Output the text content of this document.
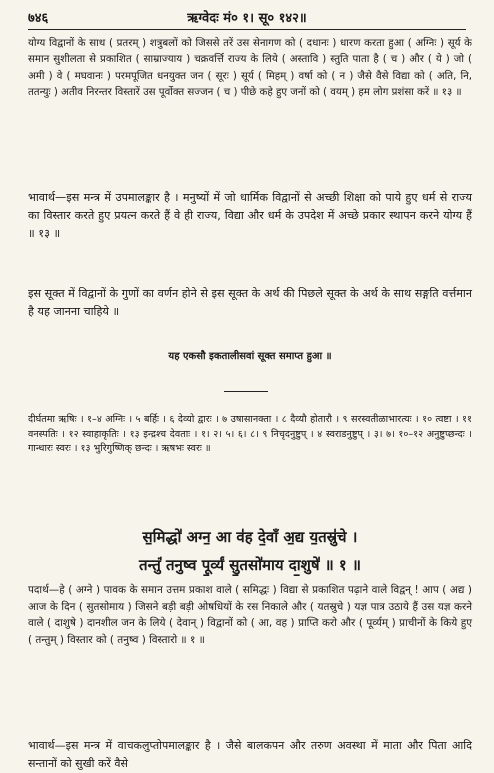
७४६	ऋग्वेदः मं० १। सू० १४२॥

योग्य विद्वानों के साथ ( प्रतरम् ) शत्रुबलों को जिससे तरें उस सेनागण को ( दधानः ) धारण करता हुआ ( अग्निः ) सूर्य के समान सुशीलता से प्रकाशित ( साम्राज्याय ) चक्रवर्त्ति राज्य के लिये ( अस्तावि ) स्तुति पाता है ( च ) और ( ये ) जो ( अमी ) वे ( मघवानः ) परमपूजित धनयुक्त जन ( सूरः ) सूर्य ( मिहम् ) वर्षा को ( न ) जैसे वैसे विद्या को ( अति, नि, ततन्युः ) अतीव निरन्तर विस्तारें उस पूर्वोक्त सज्जन ( च ) पीछे कहे हुए जनों को ( वयम् ) हम लोग प्रशंसा करें ॥ १३ ॥

भावार्थ—इस मन्त्र में उपमालङ्कार है । मनुष्यों में जो धार्मिक विद्वानों से अच्छी शिक्षा को पाये हुए धर्म से राज्य का विस्तार करते हुए प्रयत्न करते हैं वे ही राज्य, विद्या और धर्म के उपदेश में अच्छे प्रकार स्थापन करने योग्य हैं ॥ १३ ॥

इस सूक्त में विद्वानों के गुणों का वर्णन होने से इस सूक्त के अर्थ की पिछले सूक्त के अर्थ के साथ सङ्गति वर्त्तमान है यह जानना चाहिये ॥

यह एकसौ इकतालीसवां सूक्त समाप्त हुआ ॥

दीर्घतमा ऋषिः । १–४ अग्निः । ५ बर्हिः । ६ देव्यो द्वारः । ७ उषासानक्ता । ८ दैव्यौ होतारौ । ९ सरस्वतीळाभारत्यः । १० त्वष्टा । ११ वनस्पतिः । १२ स्वाहाकृतिः । १३ इन्द्रश्च देवताः । १। २। ५। ६। ८। ९ निचृदनुष्टुप् । ४ स्वराडनुष्टुप् । ३। ७। १०–१२ अनुष्टुप्छन्दः । गान्धारः स्वरः । १३ भुरिगुष्णिक् छन्दः । ऋषभः स्वरः ॥

स॒मिद्धो॑ अग्न॒ आ व॑ह दे॒वाँ अ॒द्य य॒तस्रु॑चे ।
तन्तुं॑ तनुष्व पू॒र्व्यं सु॒तसो॑माय दा॒शुषे॑ ॥ १ ॥

पदार्थ—हे ( अग्ने ) पावक के समान उत्तम प्रकाश वाले ( समिद्धः ) विद्या से प्रकाशित पढ़ाने वाले विद्वन् ! आप ( अद्य ) आज के दिन ( सुतसोमाय ) जिसने बड़ी बड़ी ओषधियों के रस निकाले और ( यतस्रुचे ) यज्ञ पात्र उठाये हैं उस यज्ञ करने वाले ( दाशुषे ) दानशील जन के लिये ( देवान् ) विद्वानों को ( आ, वह ) प्राप्ति करो और ( पूर्व्यम् ) प्राचीनों के किये हुए ( तन्तुम् ) विस्तार को ( तनुष्व ) विस्तारो ॥ १ ॥

भावार्थ—इस मन्त्र में वाचकलुप्तोपमालङ्कार है । जैसे बालकपन और तरुण अवस्था में माता और पिता आदि सन्तानों को सुखी करें वैसे
